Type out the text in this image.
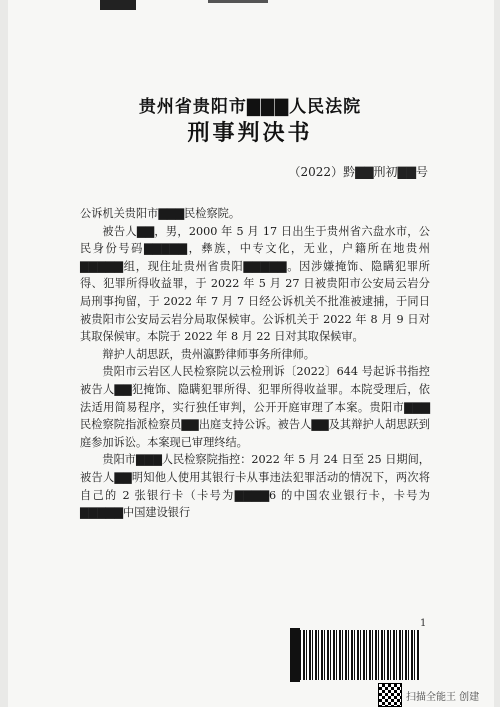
贵州省贵阳市▇▇▇人民法院
刑事判决书
（2022）黔▇▇刑初▇▇号

公诉机关贵阳市▇▇▇民检察院。

被告人▇▇，男，2000 年 5 月 17 日出生于贵州省六盘水市，公民身份号码▇▇▇▇▇，彝族，中专文化，无业，户籍所在地贵州▇▇▇▇▇组，现住址贵州省贵阳▇▇▇▇▇。因涉嫌掩饰、隐瞒犯罪所得、犯罪所得收益罪，于 2022 年 5 月 27 日被贵阳市公安局云岩分局刑事拘留，于 2022 年 7 月 7 日经公诉机关不批准被逮捕，于同日被贵阳市公安局云岩分局取保候审。公诉机关于 2022 年 8 月 9 日对其取保候审。本院于 2022 年 8 月 22 日对其取保候审。

辩护人胡思跃，贵州瀛黔律师事务所律师。

贵阳市云岩区人民检察院以云检刑诉〔2022〕644 号起诉书指控被告人▇▇犯掩饰、隐瞒犯罪所得、犯罪所得收益罪。本院受理后，依法适用简易程序，实行独任审判，公开开庭审理了本案。贵阳市▇▇▇民检察院指派检察员▇▇出庭支持公诉。被告人▇▇及其辩护人胡思跃到庭参加诉讼。本案现已审理终结。

贵阳市▇▇▇人民检察院指控：2022 年 5 月 24 日至 25 日期间，被告人▇▇明知他人使用其银行卡从事违法犯罪活动的情况下，两次将自己的 2 张银行卡（卡号为▇▇▇▇6 的中国农业银行卡，卡号为▇▇▇▇▇中国建设银行

1
扫描全能王 创建
